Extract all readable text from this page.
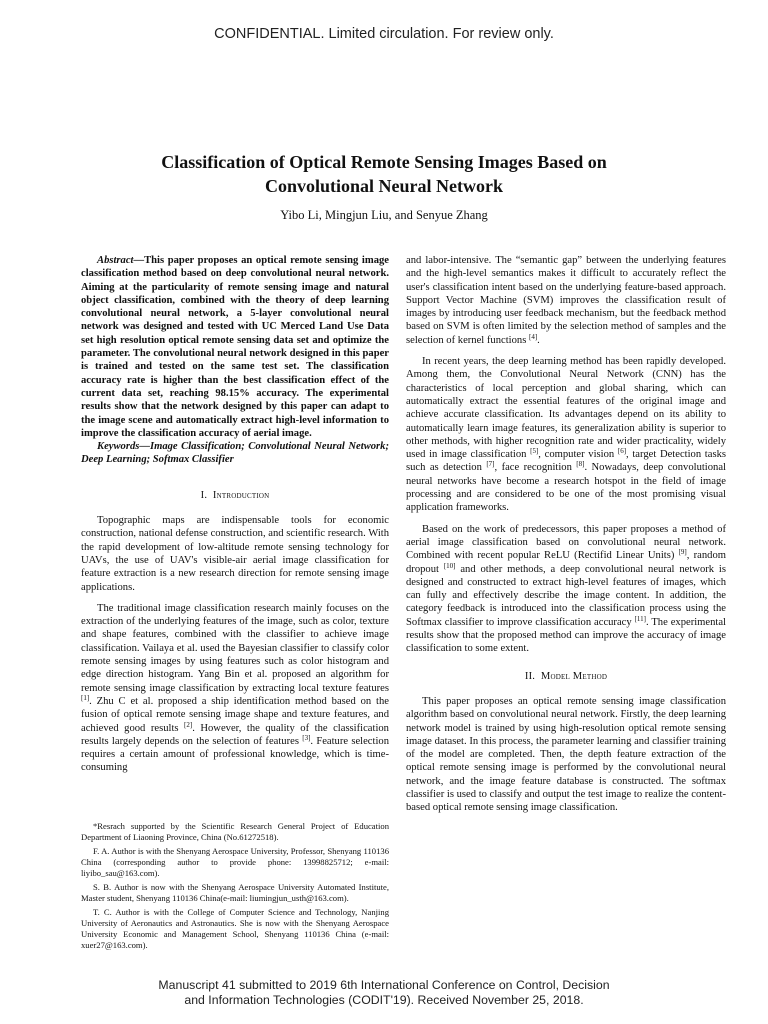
CONFIDENTIAL. Limited circulation. For review only.
Classification of Optical Remote Sensing Images Based on
Convolutional Neural Network
Yibo Li, Mingjun Liu, and Senyue Zhang

Abstract—This paper proposes an optical remote sensing image classification method based on deep convolutional neural network. Aiming at the particularity of remote sensing image and natural object classification, combined with the theory of deep learning convolutional neural network, a 5-layer convolutional neural network was designed and tested with UC Merced Land Use Data set high resolution optical remote sensing data set and optimize the parameter. The convolutional neural network designed in this paper is trained and tested on the same test set. The classification accuracy rate is higher than the best classification effect of the current data set, reaching 98.15% accuracy. The experimental results show that the network designed by this paper can adapt to the image scene and automatically extract high-level information to improve the classification accuracy of aerial image.

Keywords—Image Classification; Convolutional Neural Network; Deep Learning; Softmax Classifier

I. Introduction

Topographic maps are indispensable tools for economic construction, national defense construction, and scientific research. With the rapid development of low-altitude remote sensing technology for UAVs, the use of UAV's visible-air aerial image classification for feature extraction is a new research direction for remote sensing image applications.

The traditional image classification research mainly focuses on the extraction of the underlying features of the image, such as color, texture and shape features, combined with the classifier to achieve image classification. Vailaya et al. used the Bayesian classifier to classify color remote sensing images by using features such as color histogram and edge direction histogram. Yang Bin et al. proposed an algorithm for remote sensing image classification by extracting local texture features [1]. Zhu C et al. proposed a ship identification method based on the fusion of optical remote sensing image shape and texture features, and achieved good results [2]. However, the quality of the classification results largely depends on the selection of features [3]. Feature selection requires a certain amount of professional knowledge, which is time-consuming

*Resrach supported by the Scientific Research General Project of Education Department of Liaoning Province, China (No.61272518).

F. A. Author is with the Shenyang Aerospace University, Professor, Shenyang 110136 China (corresponding author to provide phone: 13998825712; e-mail: liyibo_sau@163.com).

S. B. Author is now with the Shenyang Aerospace University Automated Institute, Master student, Shenyang 110136 China(e-mail: liumingjun_usth@163.com).

T. C. Author is with the College of Computer Science and Technology, Nanjing University of Aeronautics and Astronautics. She is now with the Shenyang Aerospace University Economic and Management School, Shenyang 110136 China (e-mail: xuer27@163.com).

and labor-intensive. The “semantic gap” between the underlying features and the high-level semantics makes it difficult to accurately reflect the user's classification intent based on the underlying feature-based approach. Support Vector Machine (SVM) improves the classification result of images by introducing user feedback mechanism, but the feedback method based on SVM is often limited by the selection method of samples and the selection of kernel functions [4].

In recent years, the deep learning method has been rapidly developed. Among them, the Convolutional Neural Network (CNN) has the characteristics of local perception and global sharing, which can automatically extract the essential features of the original image and achieve accurate classification. Its advantages depend on its ability to automatically learn image features, its generalization ability is superior to other methods, with higher recognition rate and wider practicality, widely used in image classification [5], computer vision [6], target Detection tasks such as detection [7], face recognition [8]. Nowadays, deep convolutional neural networks have become a research hotspot in the field of image processing and are considered to be one of the most promising visual application frameworks.

Based on the work of predecessors, this paper proposes a method of aerial image classification based on convolutional neural network. Combined with recent popular ReLU (Rectifid Linear Units) [9], random dropout [10] and other methods, a deep convolutional neural network is designed and constructed to extract high-level features of images, which can fully and effectively describe the image content. In addition, the category feedback is introduced into the classification process using the Softmax classifier to improve classification accuracy [11]. The experimental results show that the proposed method can improve the accuracy of image classification to some extent.

II. Model Method

This paper proposes an optical remote sensing image classification algorithm based on convolutional neural network. Firstly, the deep learning network model is trained by using high-resolution optical remote sensing image dataset. In this process, the parameter learning and classifier training of the model are completed. Then, the depth feature extraction of the optical remote sensing image is performed by the convolutional neural network, and the image feature database is constructed. The softmax classifier is used to classify and output the test image to realize the content-based optical remote sensing image classification.

Manuscript 41 submitted to 2019 6th International Conference on Control, Decision
and Information Technologies (CODIT'19). Received November 25, 2018.
